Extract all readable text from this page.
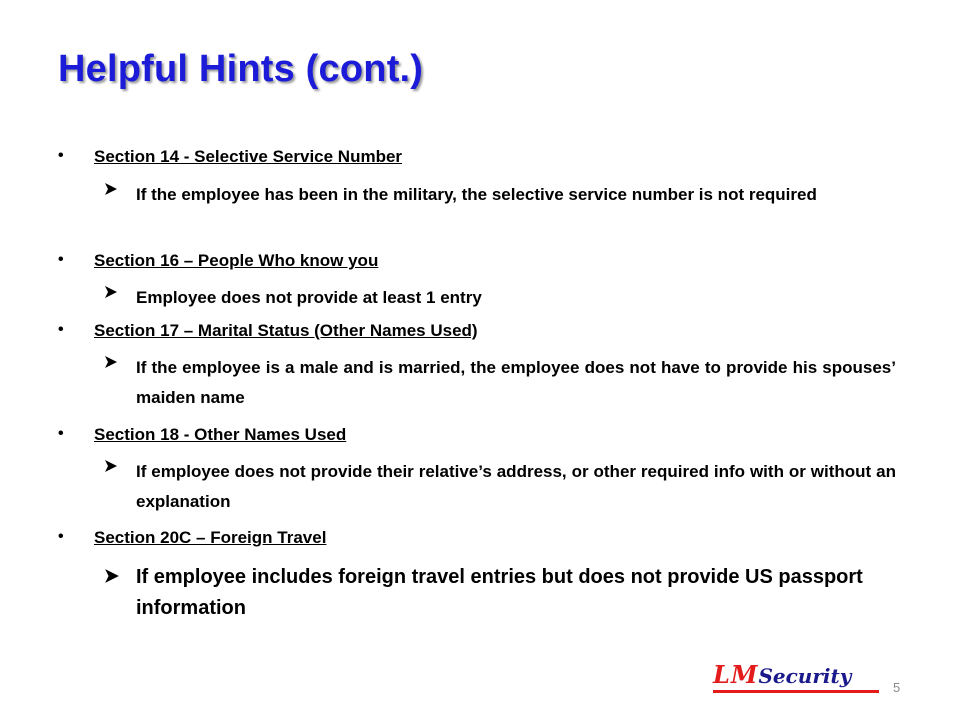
Helpful Hints (cont.)
• Section 14 - Selective Service Number
If the employee has been in the military, the selective service number is not required
• Section 16 – People Who know you
Employee does not provide at least 1 entry
• Section 17 – Marital Status (Other Names Used)
If the employee is a male and is married, the employee does not have to provide his spouses’ maiden name
• Section 18 - Other Names Used
If employee does not provide their relative’s address, or other required info with or without an explanation
• Section 20C – Foreign Travel
If employee includes foreign travel entries but does not provide US passport information
LMSecurity	5
